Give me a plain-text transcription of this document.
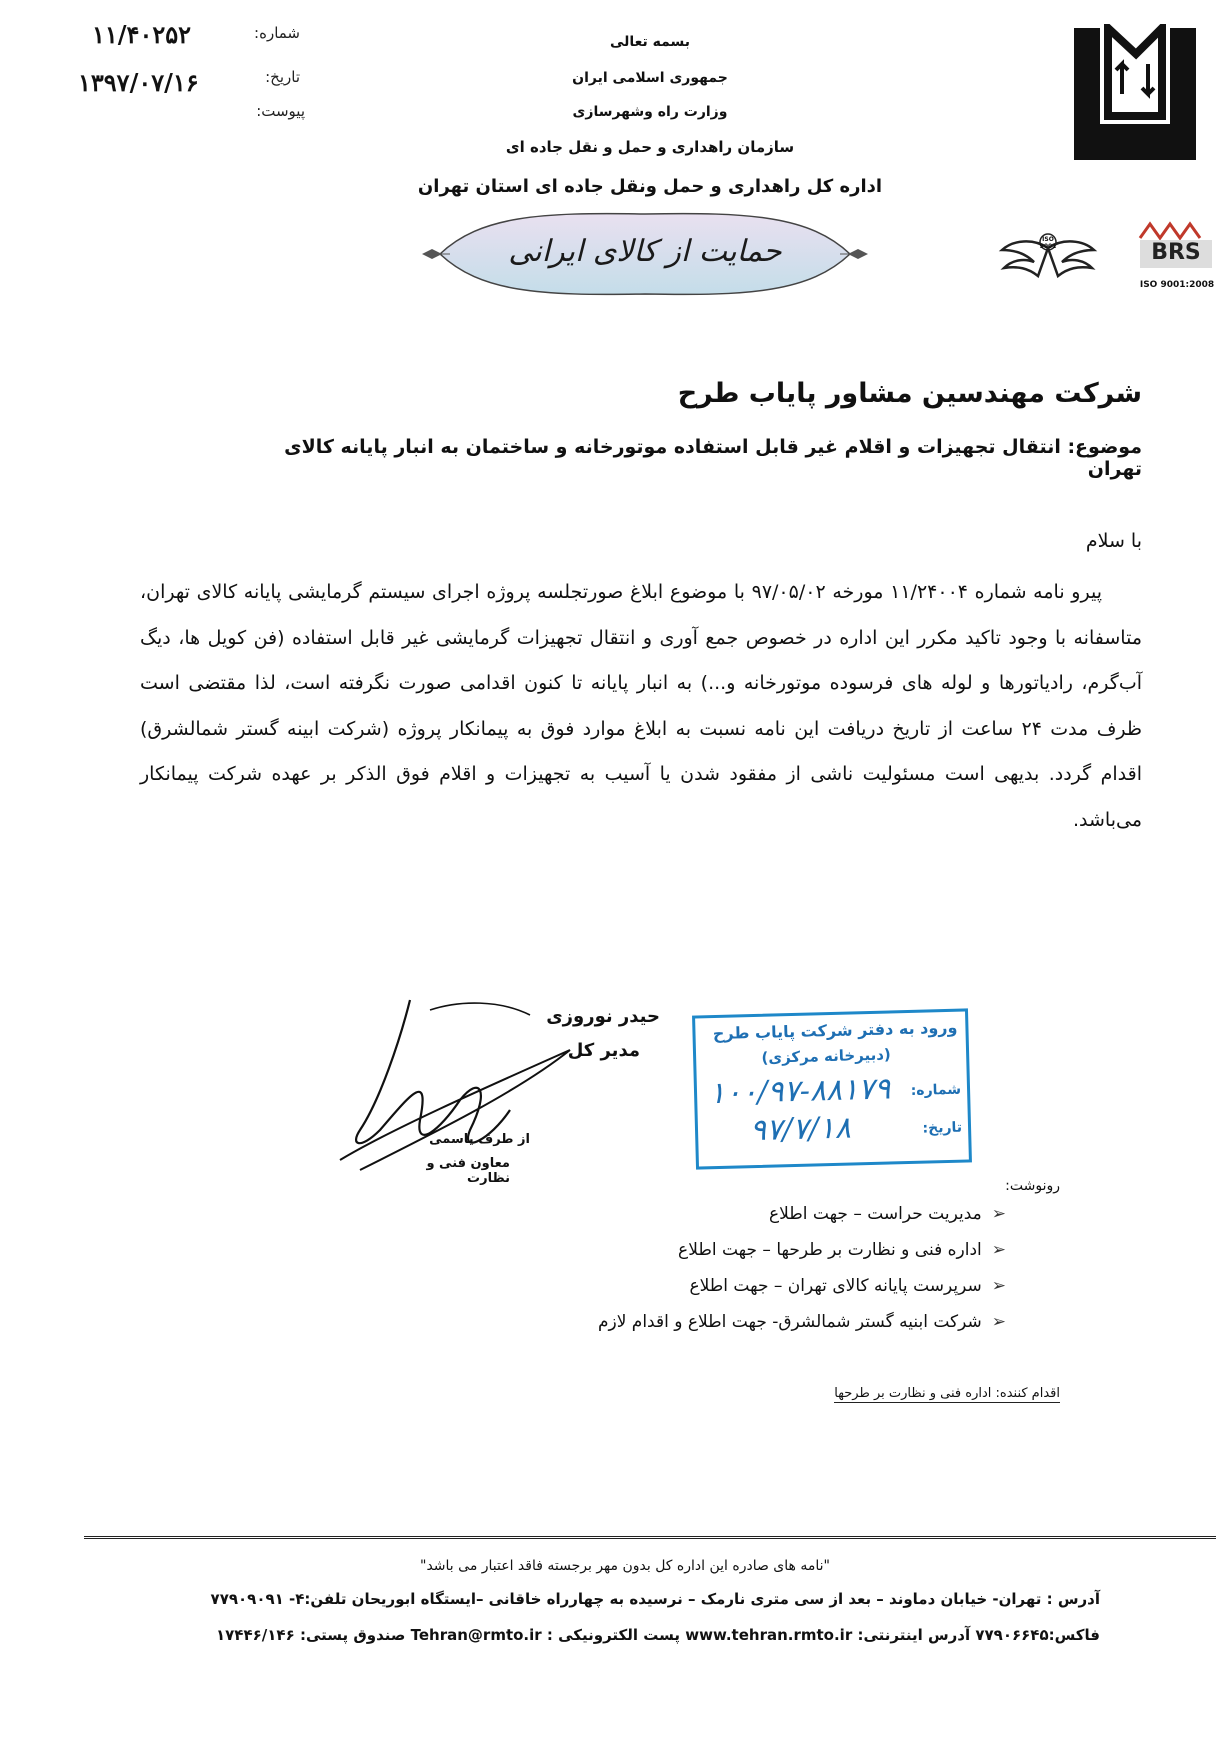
۱۱/۴۰۲۵۲	شماره:
۱۳۹۷/۰۷/۱۶	تاریخ:
پیوست:
بسمه تعالی
جمهوری اسلامی ایران
وزارت راه وشهرسازی
سازمان راهداری و حمل و نقل جاده ای
اداره کل راهداری و حمل ونقل جاده ای استان تهران
حمایت از کالای ایرانی	ISO 9001	BRS
ISO 9001:2008
شرکت مهندسین مشاور پایاب طرح
موضوع: انتقال تجهیزات و اقلام غیر قابل استفاده موتورخانه و ساختمان به انبار پایانه کالای تهران
با سلام
پیرو نامه شماره ۱۱/۲۴۰۰۴ مورخه ۹۷/۰۵/۰۲ با موضوع ابلاغ صورتجلسه پروژه اجرای سیستم گرمایشی پایانه کالای تهران، متاسفانه با وجود تاکید مکرر این اداره در خصوص جمع آوری و انتقال تجهیزات گرمایشی غیر قابل استفاده (فن کویل ها، دیگ آب‌گرم، رادیاتورها و لوله های فرسوده موتورخانه و...) به انبار پایانه تا کنون اقدامی صورت نگرفته است، لذا مقتضی است ظرف مدت ۲۴ ساعت از تاریخ دریافت این نامه نسبت به ابلاغ موارد فوق به پیمانکار پروژه (شرکت ابینه گستر شمالشرق) اقدام گردد. بدیهی است مسئولیت ناشی از مفقود شدن یا آسیب به تجهیزات و اقلام فوق الذکر بر عهده شرکت پیمانکار می‌باشد.
حیدر نوروزی
مدیر کل
از طرف یاسمی
معاون فنی و نظارت
ورود به دفتر شرکت پایاب طرح
(دبیرخانه مرکزی)
شماره:
۱۰۰/۹۷-۸۸۱۷۹
تاریخ:
۹۷/۷/۱۸
رونوشت:
➢
مدیریت حراست – جهت اطلاع
➢
اداره فنی و نظارت بر طرحها – جهت اطلاع
➢
سرپرست پایانه کالای تهران – جهت اطلاع
➢
شرکت ابنیه گستر شمالشرق- جهت اطلاع و اقدام لازم
اقدام کننده: اداره فنی و نظارت بر طرحها
"نامه های صادره این اداره کل بدون مهر برجسته فاقد اعتبار می باشد"
آدرس : تهران- خیابان دماوند – بعد از سی متری نارمک – نرسیده به چهارراه خاقانی –ایستگاه ابوریحان تلفن:۴- ۷۷۹۰۹۰۹۱
فاکس:۷۷۹۰۶۶۴۵ آدرس اینترنتی: www.tehran.rmto.ir پست الکترونیکی : Tehran@rmto.ir صندوق پستی: ۱۷۴۴۶/۱۴۶
